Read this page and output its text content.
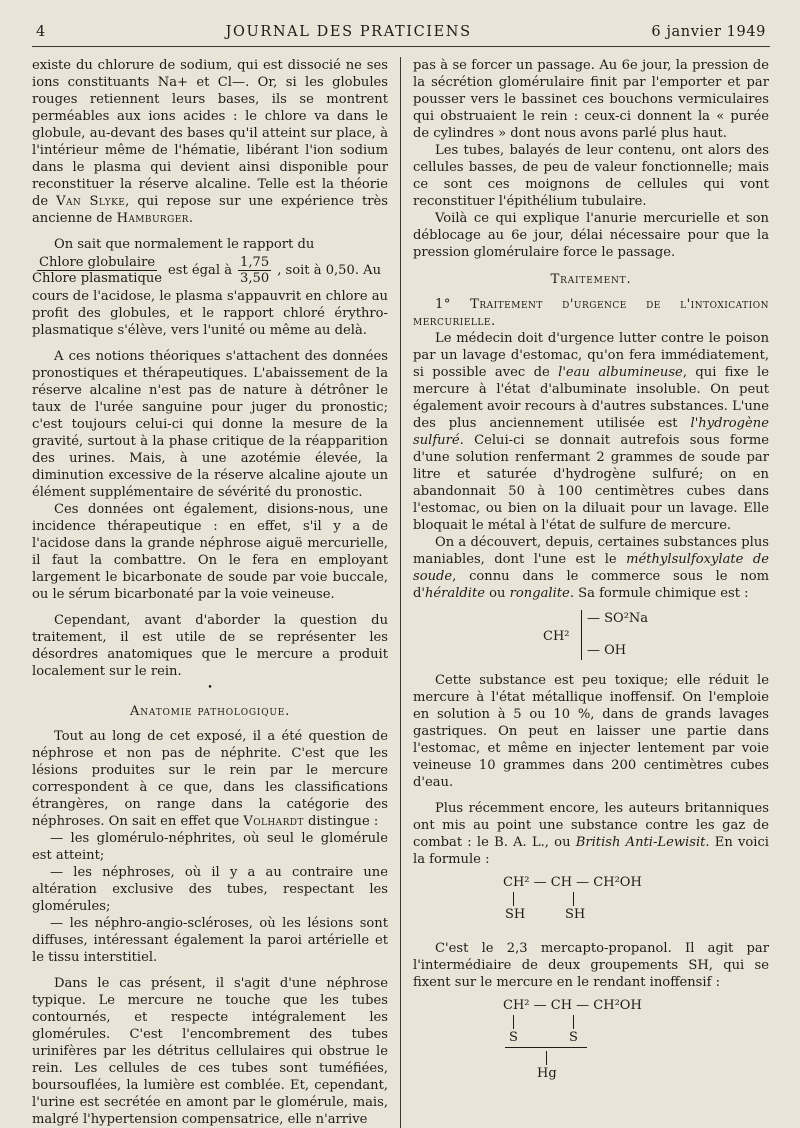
4	JOURNAL DES PRATICIENS	6 janvier 1949

existe du chlorure de sodium, qui est dissocié ne ses ions constituants Na+ et Cl—. Or, si les globules rouges retiennent leurs bases, ils se montrent perméables aux ions acides : le chlore va dans le globule, au-devant des bases qu'il atteint sur place, à l'intérieur même de l'hématie, libérant l'ion sodium dans le plasma qui devient ainsi disponible pour reconstituer la réserve alcaline. Telle est la théorie de Van Slyke, qui repose sur une expérience très ancienne de Hamburger.

On sait que normalement le rapport du

$\frac{\text{Chlore globulaire}}{\text{Chlore plasmatique}}$ est égal à $\frac{1,75}{3,50}$ , soit à 0,50. Au

cours de l'acidose, le plasma s'appauvrit en chlore au profit des globules, et le rapport chloré érythro-plasmatique s'élève, vers l'unité ou même au delà.

A ces notions théoriques s'attachent des données pronostiques et thérapeutiques. L'abaissement de la réserve alcaline n'est pas de nature à détrôner le taux de l'urée sanguine pour juger du pronostic; c'est toujours celui-ci qui donne la mesure de la gravité, surtout à la phase critique de la réapparition des urines. Mais, à une azotémie élevée, la diminution excessive de la réserve alcaline ajoute un élément supplémentaire de sévérité du pronostic.

Ces données ont également, disions-nous, une incidence thérapeutique : en effet, s'il y a de l'acidose dans la grande néphrose aiguë mercurielle, il faut la combattre. On le fera en employant largement le bicarbonate de soude par voie buccale, ou le sérum bicarbonaté par la voie veineuse.

Cependant, avant d'aborder la question du traitement, il est utile de se représenter les désordres anatomiques que le mercure a produit localement sur le rein.

•
Anatomie pathologique.

Tout au long de cet exposé, il a été question de néphrose et non pas de néphrite. C'est que les lésions produites sur le rein par le mercure correspondent à ce que, dans les classifications étrangères, on range dans la catégorie des néphroses. On sait en effet que Volhardt distingue :

— les glomérulo-néphrites, où seul le glomérule est atteint;
— les néphroses, où il y a au contraire une altération exclusive des tubes, respectant les glomérules;
— les néphro-angio-scléroses, où les lésions sont diffuses, intéressant également la paroi artérielle et le tissu interstitiel.

Dans le cas présent, il s'agit d'une néphrose typique. Le mercure ne touche que les tubes contournés, et respecte intégralement les glomérules. C'est l'encombrement des tubes urinifères par les détritus cellulaires qui obstrue le rein. Les cellules de ces tubes sont tuméfiées, boursouflées, la lumière est comblée. Et, cependant, l'urine est secrétée en amont par le glomérule, mais, malgré l'hypertension compensatrice, elle n'arrive

pas à se forcer un passage. Au 6e jour, la pression de la sécrétion glomérulaire finit par l'emporter et par pousser vers le bassinet ces bouchons vermiculaires qui obstruaient le rein : ceux-ci donnent la « purée de cylindres » dont nous avons parlé plus haut.

Les tubes, balayés de leur contenu, ont alors des cellules basses, de peu de valeur fonctionnelle; mais ce sont ces moignons de cellules qui vont reconstituer l'épithélium tubulaire.

Voilà ce qui explique l'anurie mercurielle et son déblocage au 6e jour, délai nécessaire pour que la pression glomérulaire force le passage.

Traitement.

1° Traitement d'urgence de l'intoxication mercurielle.

Le médecin doit d'urgence lutter contre le poison par un lavage d'estomac, qu'on fera immédiatement, si possible avec de l'eau albumineuse, qui fixe le mercure à l'état d'albuminate insoluble. On peut également avoir recours à d'autres substances. L'une des plus anciennement utilisée est l'hydrogène sulfuré. Celui-ci se donnait autrefois sous forme d'une solution renfermant 2 grammes de soude par litre et saturée d'hydrogène sulfuré; on en abandonnait 50 à 100 centimètres cubes dans l'estomac, ou bien on la diluait pour un lavage. Elle bloquait le métal à l'état de sulfure de mercure.

On a découvert, depuis, certaines substances plus maniables, dont l'une est le méthylsulfoxylate de soude, connu dans le commerce sous le nom d'héraldite ou rongalite. Sa formule chimique est :

CH²
— SO²Na
— OH

Cette substance est peu toxique; elle réduit le mercure à l'état métallique inoffensif. On l'emploie en solution à 5 ou 10 %, dans de grands lavages gastriques. On peut en laisser une partie dans l'estomac, et même en injecter lentement par voie veineuse 10 grammes dans 200 centimètres cubes d'eau.

Plus récemment encore, les auteurs britanniques ont mis au point une substance contre les gaz de combat : le B. A. L., ou British Anti-Lewisit. En voici la formule :

CH² — CH — CH²OH
SH	SH

C'est le 2,3 mercapto-propanol. Il agit par l'intermédiaire de deux groupements SH, qui se fixent sur le mercure en le rendant inoffensif :

CH² — CH — CH²OH
S	S
Hg
